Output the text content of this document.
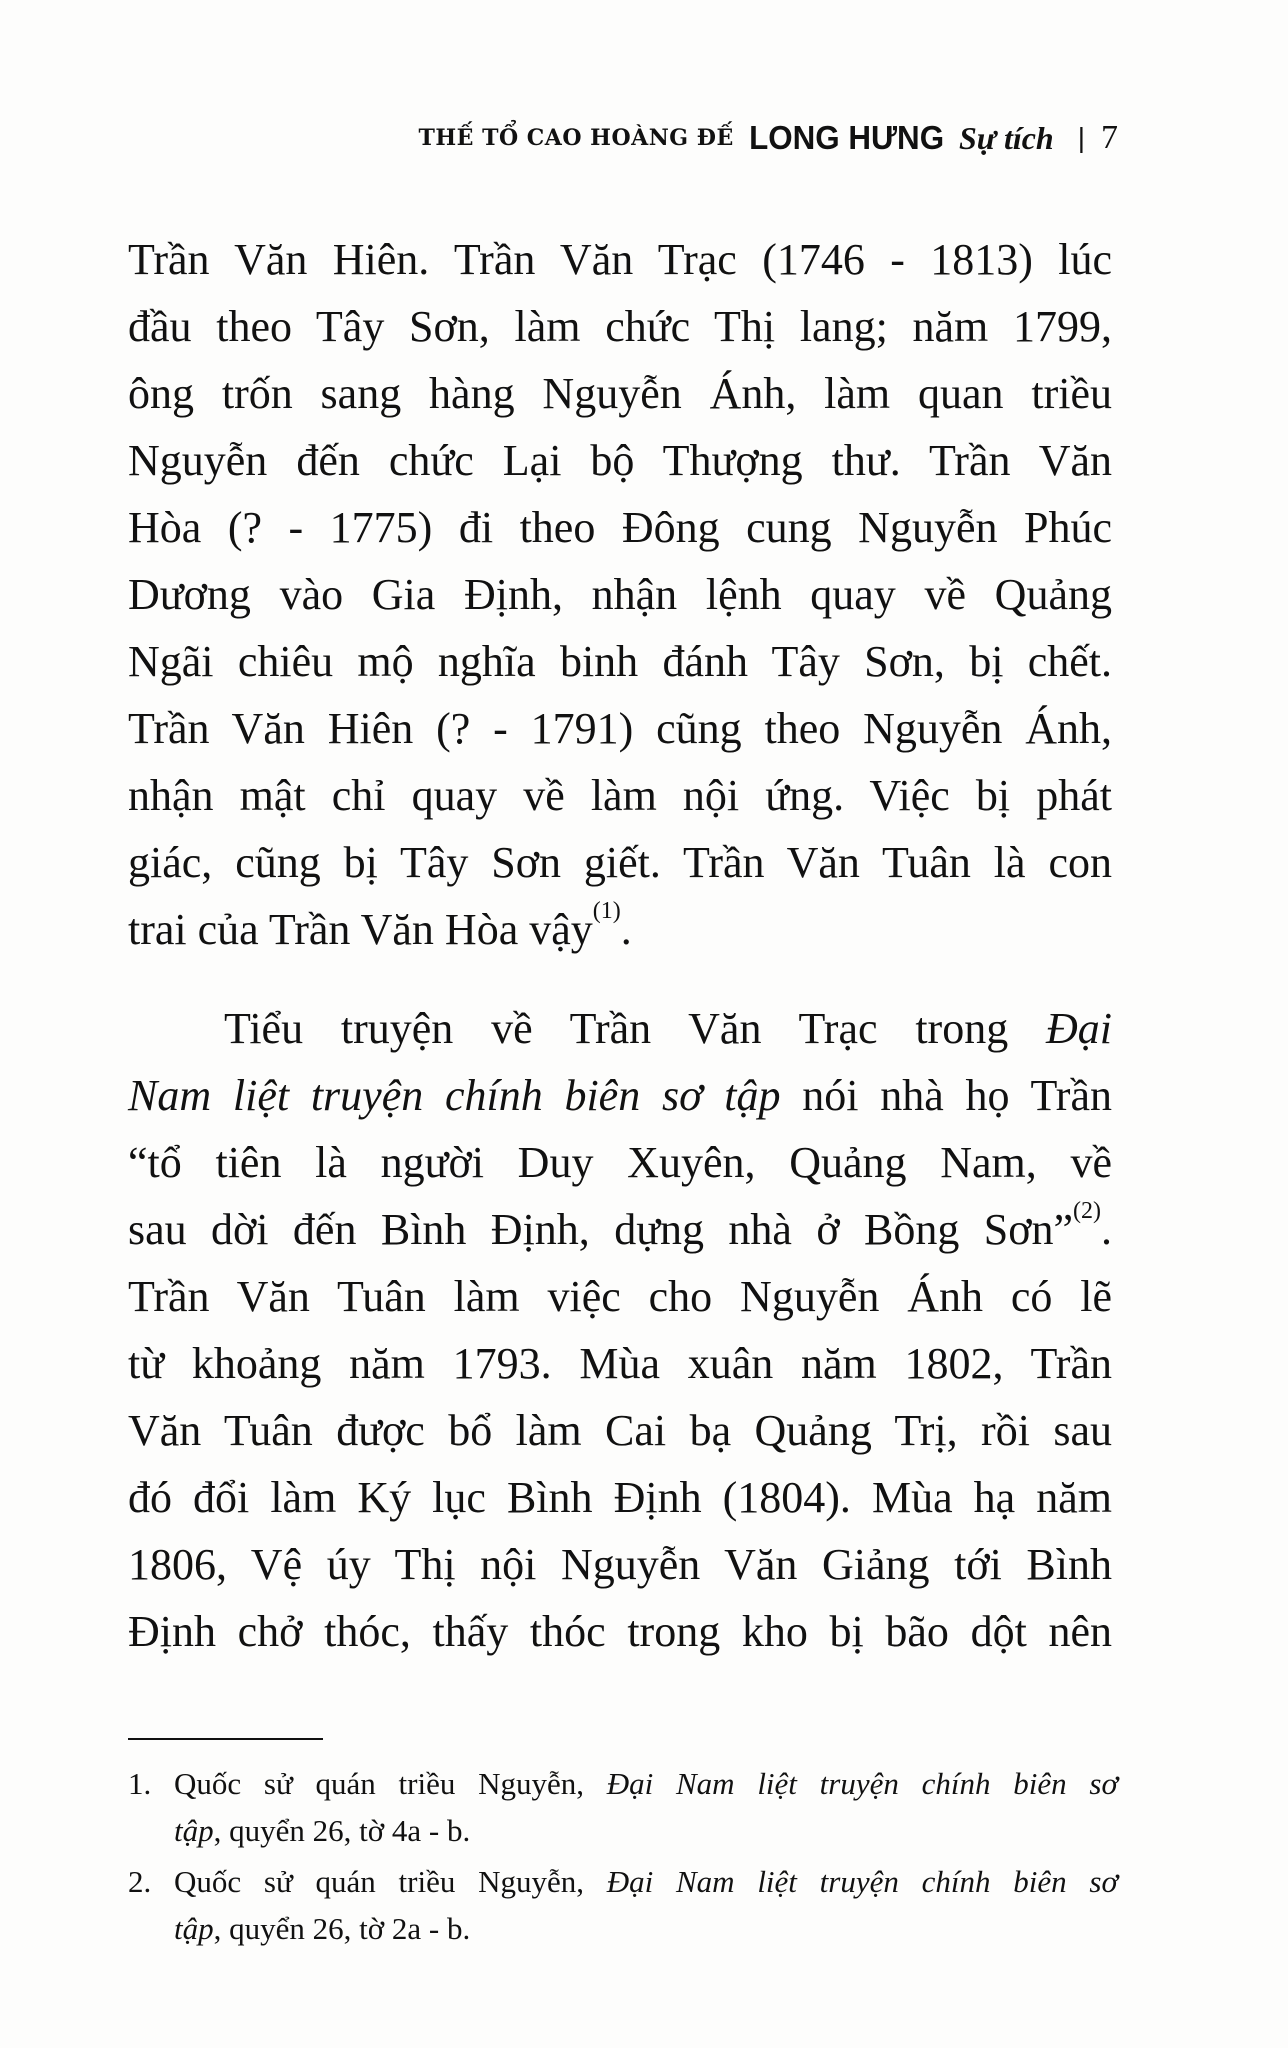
THẾ TỔ CAO HOÀNG ĐẾ LONG HƯNG Sự tích | 7
Trần Văn Hiên. Trần Văn Trạc (1746 - 1813) lúc
đầu theo Tây Sơn, làm chức Thị lang; năm 1799,
ông trốn sang hàng Nguyễn Ánh, làm quan triều
Nguyễn đến chức Lại bộ Thượng thư. Trần Văn
Hòa (? - 1775) đi theo Đông cung Nguyễn Phúc
Dương vào Gia Định, nhận lệnh quay về Quảng
Ngãi chiêu mộ nghĩa binh đánh Tây Sơn, bị chết.
Trần Văn Hiên (? - 1791) cũng theo Nguyễn Ánh,
nhận mật chỉ quay về làm nội ứng. Việc bị phát
giác, cũng bị Tây Sơn giết. Trần Văn Tuân là con
trai của Trần Văn Hòa vậy$^{(1)}$.
Tiểu truyện về Trần Văn Trạc trong Đại
Nam liệt truyện chính biên sơ tập nói nhà họ Trần
“tổ tiên là người Duy Xuyên, Quảng Nam, về
sau dời đến Bình Định, dựng nhà ở Bồng Sơn”$^{(2)}$.
Trần Văn Tuân làm việc cho Nguyễn Ánh có lẽ
từ khoảng năm 1793. Mùa xuân năm 1802, Trần
Văn Tuân được bổ làm Cai bạ Quảng Trị, rồi sau
đó đổi làm Ký lục Bình Định (1804). Mùa hạ năm
1806, Vệ úy Thị nội Nguyễn Văn Giảng tới Bình
Định chở thóc, thấy thóc trong kho bị bão dột nên
1. Quốc sử quán triều Nguyễn, Đại Nam liệt truyện chính biên sơ
tập, quyển 26, tờ 4a - b.
2. Quốc sử quán triều Nguyễn, Đại Nam liệt truyện chính biên sơ
tập, quyển 26, tờ 2a - b.
